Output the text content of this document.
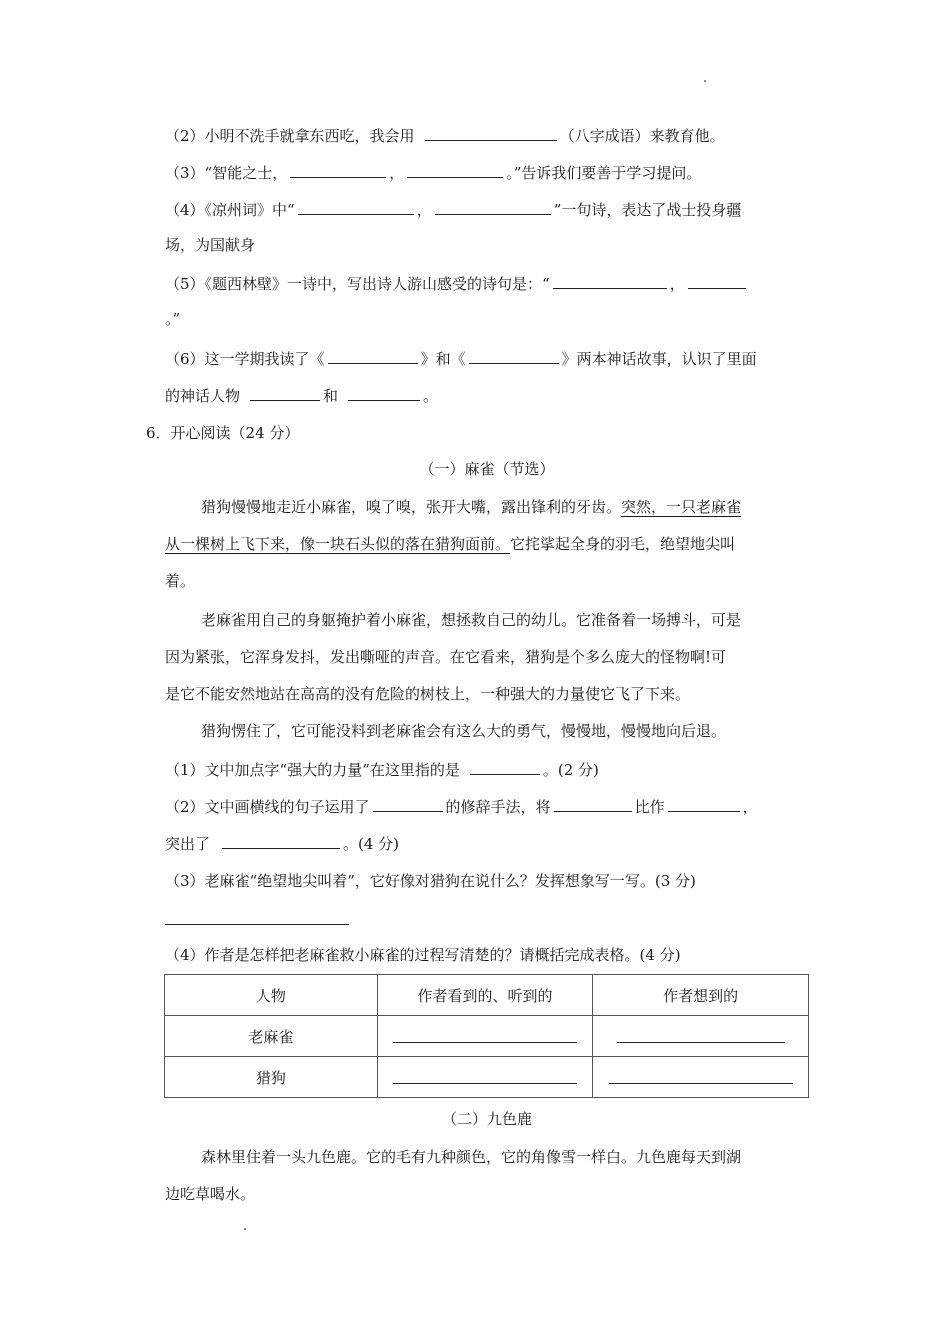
（2）小明不洗手就拿东西吃，我会用	（八字成语）来教育他。
（3）“智能之士，	，	。”告诉我们要善于学习提问。
（4）《凉州词》中“	，	”一句诗，表达了战士投身疆
场，为国献身
（5）《题西林壁》一诗中，写出诗人游山感受的诗句是：“	，
。”
（6）这一学期我读了《	》和《	》两本神话故事，认识了里面
的神话人物	和	。
6．开心阅读（24 分）
（一）麻雀（节选）
猎狗慢慢地走近小麻雀，嗅了嗅，张开大嘴，露出锋利的牙齿。突然，一只老麻雀
从一棵树上飞下来，像一块石头似的落在猎狗面前。它挓挲起全身的羽毛，绝望地尖叫
着。
老麻雀用自己的身躯掩护着小麻雀，想拯救自己的幼儿。它准备着一场搏斗，可是
因为紧张，它浑身发抖，发出嘶哑的声音。在它看来，猎狗是个多么庞大的怪物啊!可
是它不能安然地站在高高的没有危险的树枝上，一种强大的力量使它飞了下来。
猎狗愣住了，它可能没料到老麻雀会有这么大的勇气，慢慢地，慢慢地向后退。
（1）文中加点字“强大的力量”在这里指的是	。(2 分)
（2）文中画横线的句子运用了	的修辞手法，将	比作	，
突出了	。(4 分)
（3）老麻雀“绝望地尖叫着”，它好像对猎狗在说什么？发挥想象写一写。(3 分)
（4）作者是怎样把老麻雀救小麻雀的过程写清楚的？请概括完成表格。(4 分)
人物	作者看到的、听到的	作者想到的
老麻雀		
猎狗		
（二）九色鹿
森林里住着一头九色鹿。它的毛有九种颜色，它的角像雪一样白。九色鹿每天到湖
边吃草喝水。
